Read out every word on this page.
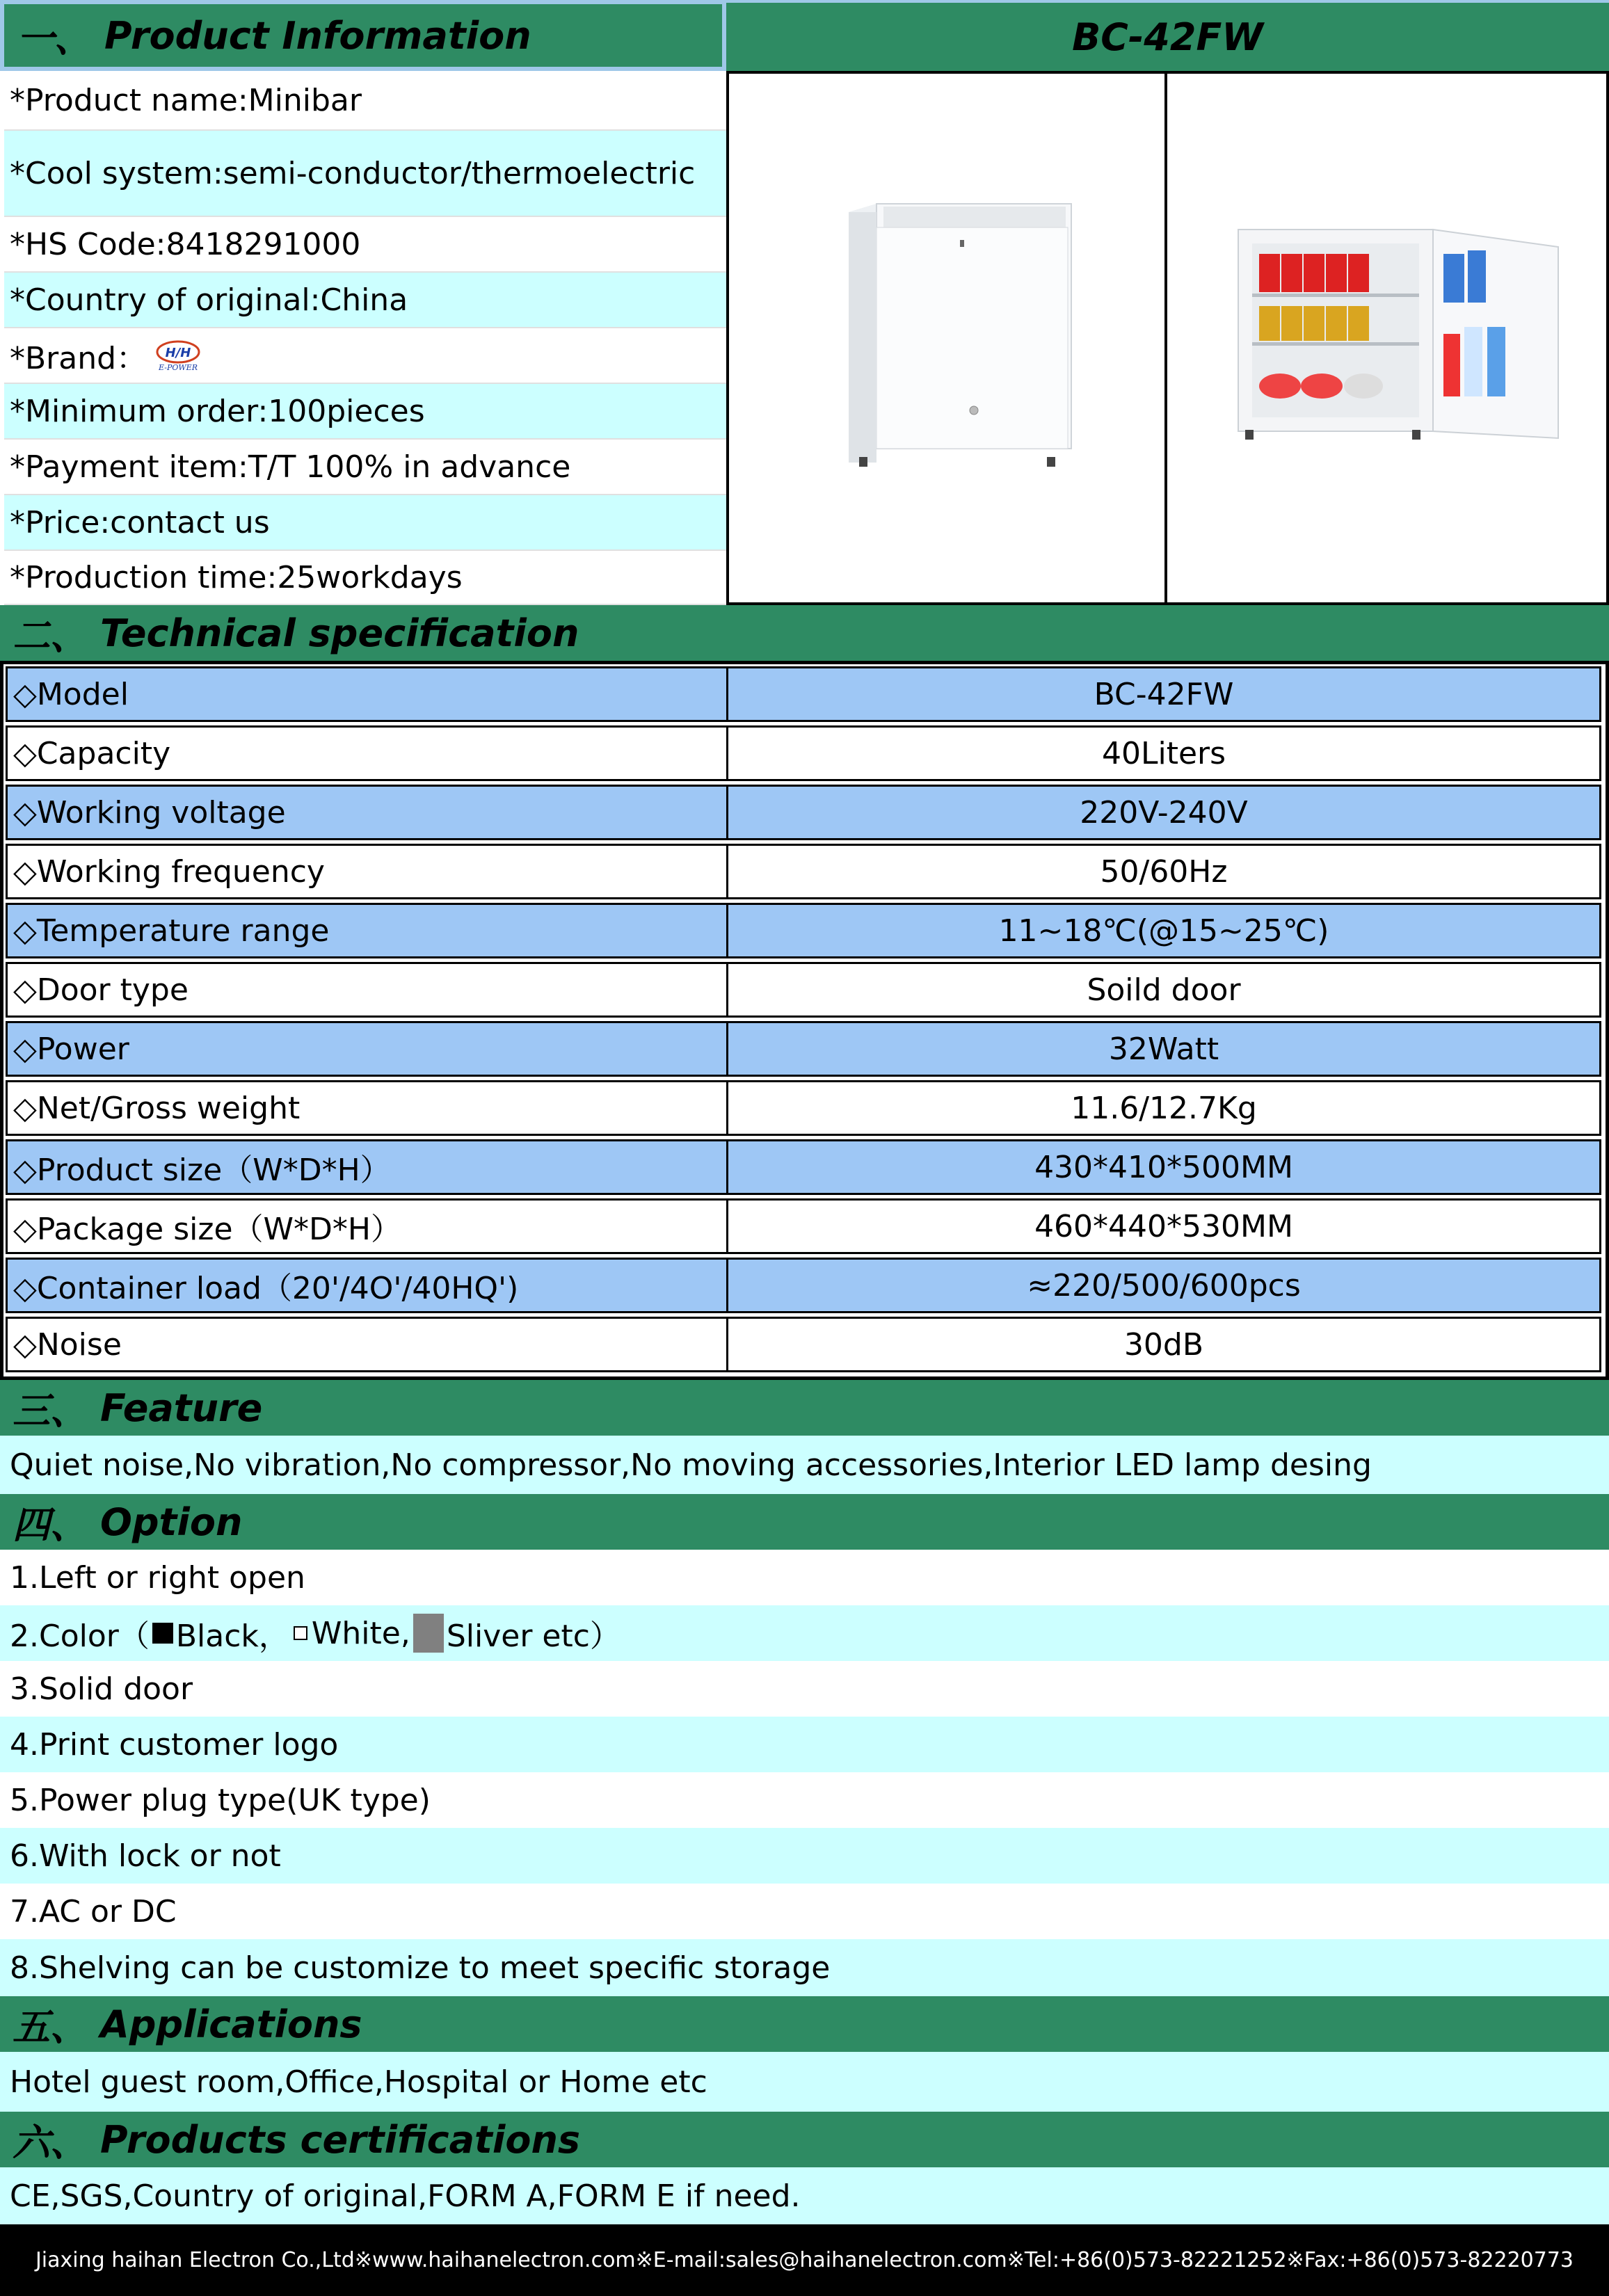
一、 Product Information	BC-42FW
*Product name:Minibar
*Cool system:semi-conductor/thermoelectric
*HS Code:8418291000
*Country of original:China
*Brand： H/H
E-POWER
*Minimum order:100pieces
*Payment item:T/T 100% in advance
*Price:contact us
*Production time:25workdays
二、 Technical specification
◇Model	BC-42FW
◇Capacity	40Liters
◇Working voltage	220V-240V
◇Working frequency	50/60Hz
◇Temperature range	11~18℃(@15~25℃)
◇Door type	Soild door
◇Power	32Watt
◇Net/Gross weight	11.6/12.7Kg
◇Product size（W*D*H）	430*410*500MM
◇Package size（W*D*H）	460*440*530MM
◇Container load（20'/4O'/40HQ')	≈220/500/600pcs
◇Noise	30dB
三、 Feature
Quiet noise,No vibration,No compressor,No moving accessories,Interior LED lamp desing
四、 Option
1.Left or right open
2.Color（ Black， White, Sliver etc）
3.Solid door
4.Print customer logo
5.Power plug type(UK type)
6.With lock or not
7.AC or DC
8.Shelving can be customize to meet specific storage
五、 Applications
Hotel guest room,Office,Hospital or Home etc
六、 Products certifications
CE,SGS,Country of original,FORM A,FORM E if need.
Jiaxing haihan Electron Co.,Ltd※www.haihanelectron.com※E-mail:sales@haihanelectron.com※Tel:+86(0)573-82221252※Fax:+86(0)573-82220773
